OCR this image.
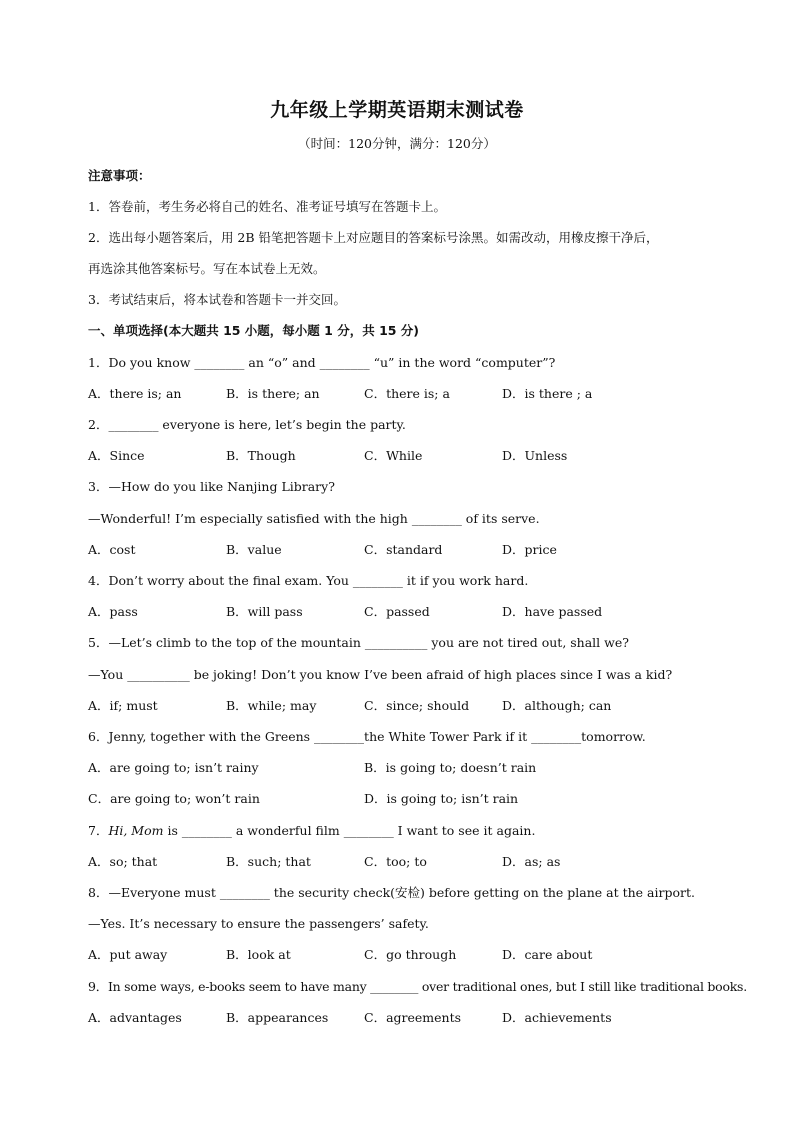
九年级上学期英语期末测试卷
（时间：120分钟，满分：120分）
注意事项：
1．答卷前，考生务必将自己的姓名、准考证号填写在答题卡上。
2．选出每小题答案后，用 2B 铅笔把答题卡上对应题目的答案标号涂黑。如需改动，用橡皮擦干净后，
再选涂其他答案标号。写在本试卷上无效。
3．考试结束后，将本试卷和答题卡一并交回。
一、单项选择(本大题共 15 小题，每小题 1 分，共 15 分)
1．Do you know ________ an “o” and ________ “u” in the word “computer”?
A．there is; an	B．is there; an	C．there is; a	D．is there ; a
2．________ everyone is here, let’s begin the party.
A．Since	B．Though	C．While	D．Unless
3．—How do you like Nanjing Library?
—Wonderful! I’m especially satisfied with the high ________ of its serve.
A．cost	B．value	C．standard	D．price
4．Don’t worry about the final exam. You ________ it if you work hard.
A．pass	B．will pass	C．passed	D．have passed
5．—Let’s climb to the top of the mountain __________ you are not tired out, shall we?
—You __________ be joking! Don’t you know I’ve been afraid of high places since I was a kid?
A．if; must	B．while; may	C．since; should	D．although; can
6．Jenny, together with the Greens ________the White Tower Park if it ________tomorrow.
A．are going to; isn’t rainy	B．is going to; doesn’t rain
C．are going to; won’t rain	D．is going to; isn’t rain
7．Hi, Mom is ________ a wonderful film ________ I want to see it again.
A．so; that	B．such; that	C．too; to	D．as; as
8．—Everyone must ________ the security check(安检) before getting on the plane at the airport.
—Yes. It’s necessary to ensure the passengers’ safety.
A．put away	B．look at	C．go through	D．care about
9．In some ways, e-books seem to have many ________ over traditional ones, but I still like traditional books.
A．advantages	B．appearances	C．agreements	D．achievements
